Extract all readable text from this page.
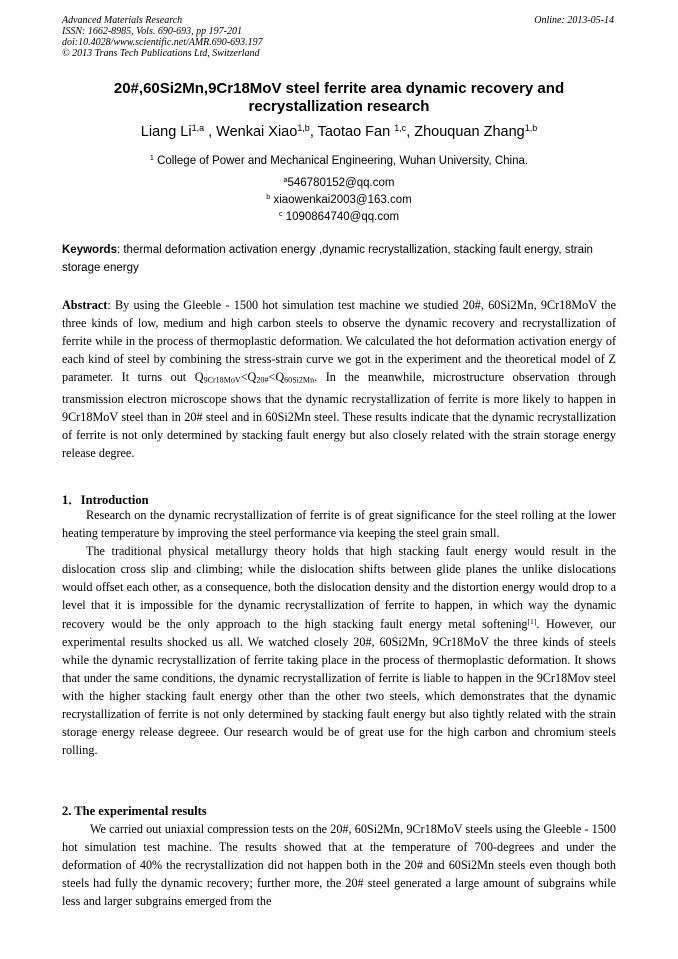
Advanced Materials Research
ISSN: 1662-8985, Vols. 690-693, pp 197-201
doi:10.4028/www.scientific.net/AMR.690-693.197
© 2013 Trans Tech Publications Ltd, Switzerland
Online: 2013-05-14
20#,60Si2Mn,9Cr18MoV steel ferrite area dynamic recovery and
recrystallization research
Liang Li$^{1,a}$ , Wenkai Xiao$^{1,b}$, Taotao Fan $^{1,c}$, Zhouquan Zhang$^{1,b}$
$^1$ College of Power and Mechanical Engineering, Wuhan University, China.
$^a$546780152@qq.com
$^b$ xiaowenkai2003@163.com
$^c$ 1090864740@qq.com
Keywords: thermal deformation activation energy ,dynamic recrystallization, stacking fault energy, strain storage energy
Abstract: By using the Gleeble - 1500 hot simulation test machine we studied 20#, 60Si2Mn, 9Cr18MoV the three kinds of low, medium and high carbon steels to observe the dynamic recovery and recrystallization of ferrite while in the process of thermoplastic deformation. We calculated the hot deformation activation energy of each kind of steel by combining the stress-strain curve we got in the experiment and the theoretical model of Z parameter. It turns out $Q_{9Cr18MoV}<Q_{20\#}<Q_{60Si2Mn}$. In the meanwhile, microstructure observation through transmission electron microscope shows that the dynamic recrystallization of ferrite is more likely to happen in 9Cr18MoV steel than in 20# steel and in 60Si2Mn steel. These results indicate that the dynamic recrystallization of ferrite is not only determined by stacking fault energy but also closely related with the strain storage energy release degree.
1．Introduction

Research on the dynamic recrystallization of ferrite is of great significance for the steel rolling at the lower heating temperature by improving the steel performance via keeping the steel grain small.

The traditional physical metallurgy theory holds that high stacking fault energy would result in the dislocation cross slip and climbing; while the dislocation shifts between glide planes the unlike dislocations would offset each other, as a consequence, both the dislocation density and the distortion energy would drop to a level that it is impossible for the dynamic recrystallization of ferrite to happen, in which way the dynamic recovery would be the only approach to the high stacking fault energy metal softening[1]. However, our experimental results shocked us all. We watched closely 20#, 60Si2Mn, 9Cr18MoV the three kinds of steels while the dynamic recrystallization of ferrite taking place in the process of thermoplastic deformation. It shows that under the same conditions, the dynamic recrystallization of ferrite is liable to happen in the 9Cr18Mov steel with the higher stacking fault energy other than the other two steels, which demonstrates that the dynamic recrystallization of ferrite is not only determined by stacking fault energy but also tightly related with the strain storage energy release degreee. Our research would be of great use for the high carbon and chromium steels rolling.

2. The experimental results

We carried out uniaxial compression tests on the 20#, 60Si2Mn, 9Cr18MoV steels using the Gleeble - 1500 hot simulation test machine. The results showed that at the temperature of 700-degrees and under the deformation of 40% the recrystallization did not happen both in the 20# and 60Si2Mn steels even though both steels had fully the dynamic recovery; further more, the 20# steel generated a large amount of subgrains while less and larger subgrains emerged from the
